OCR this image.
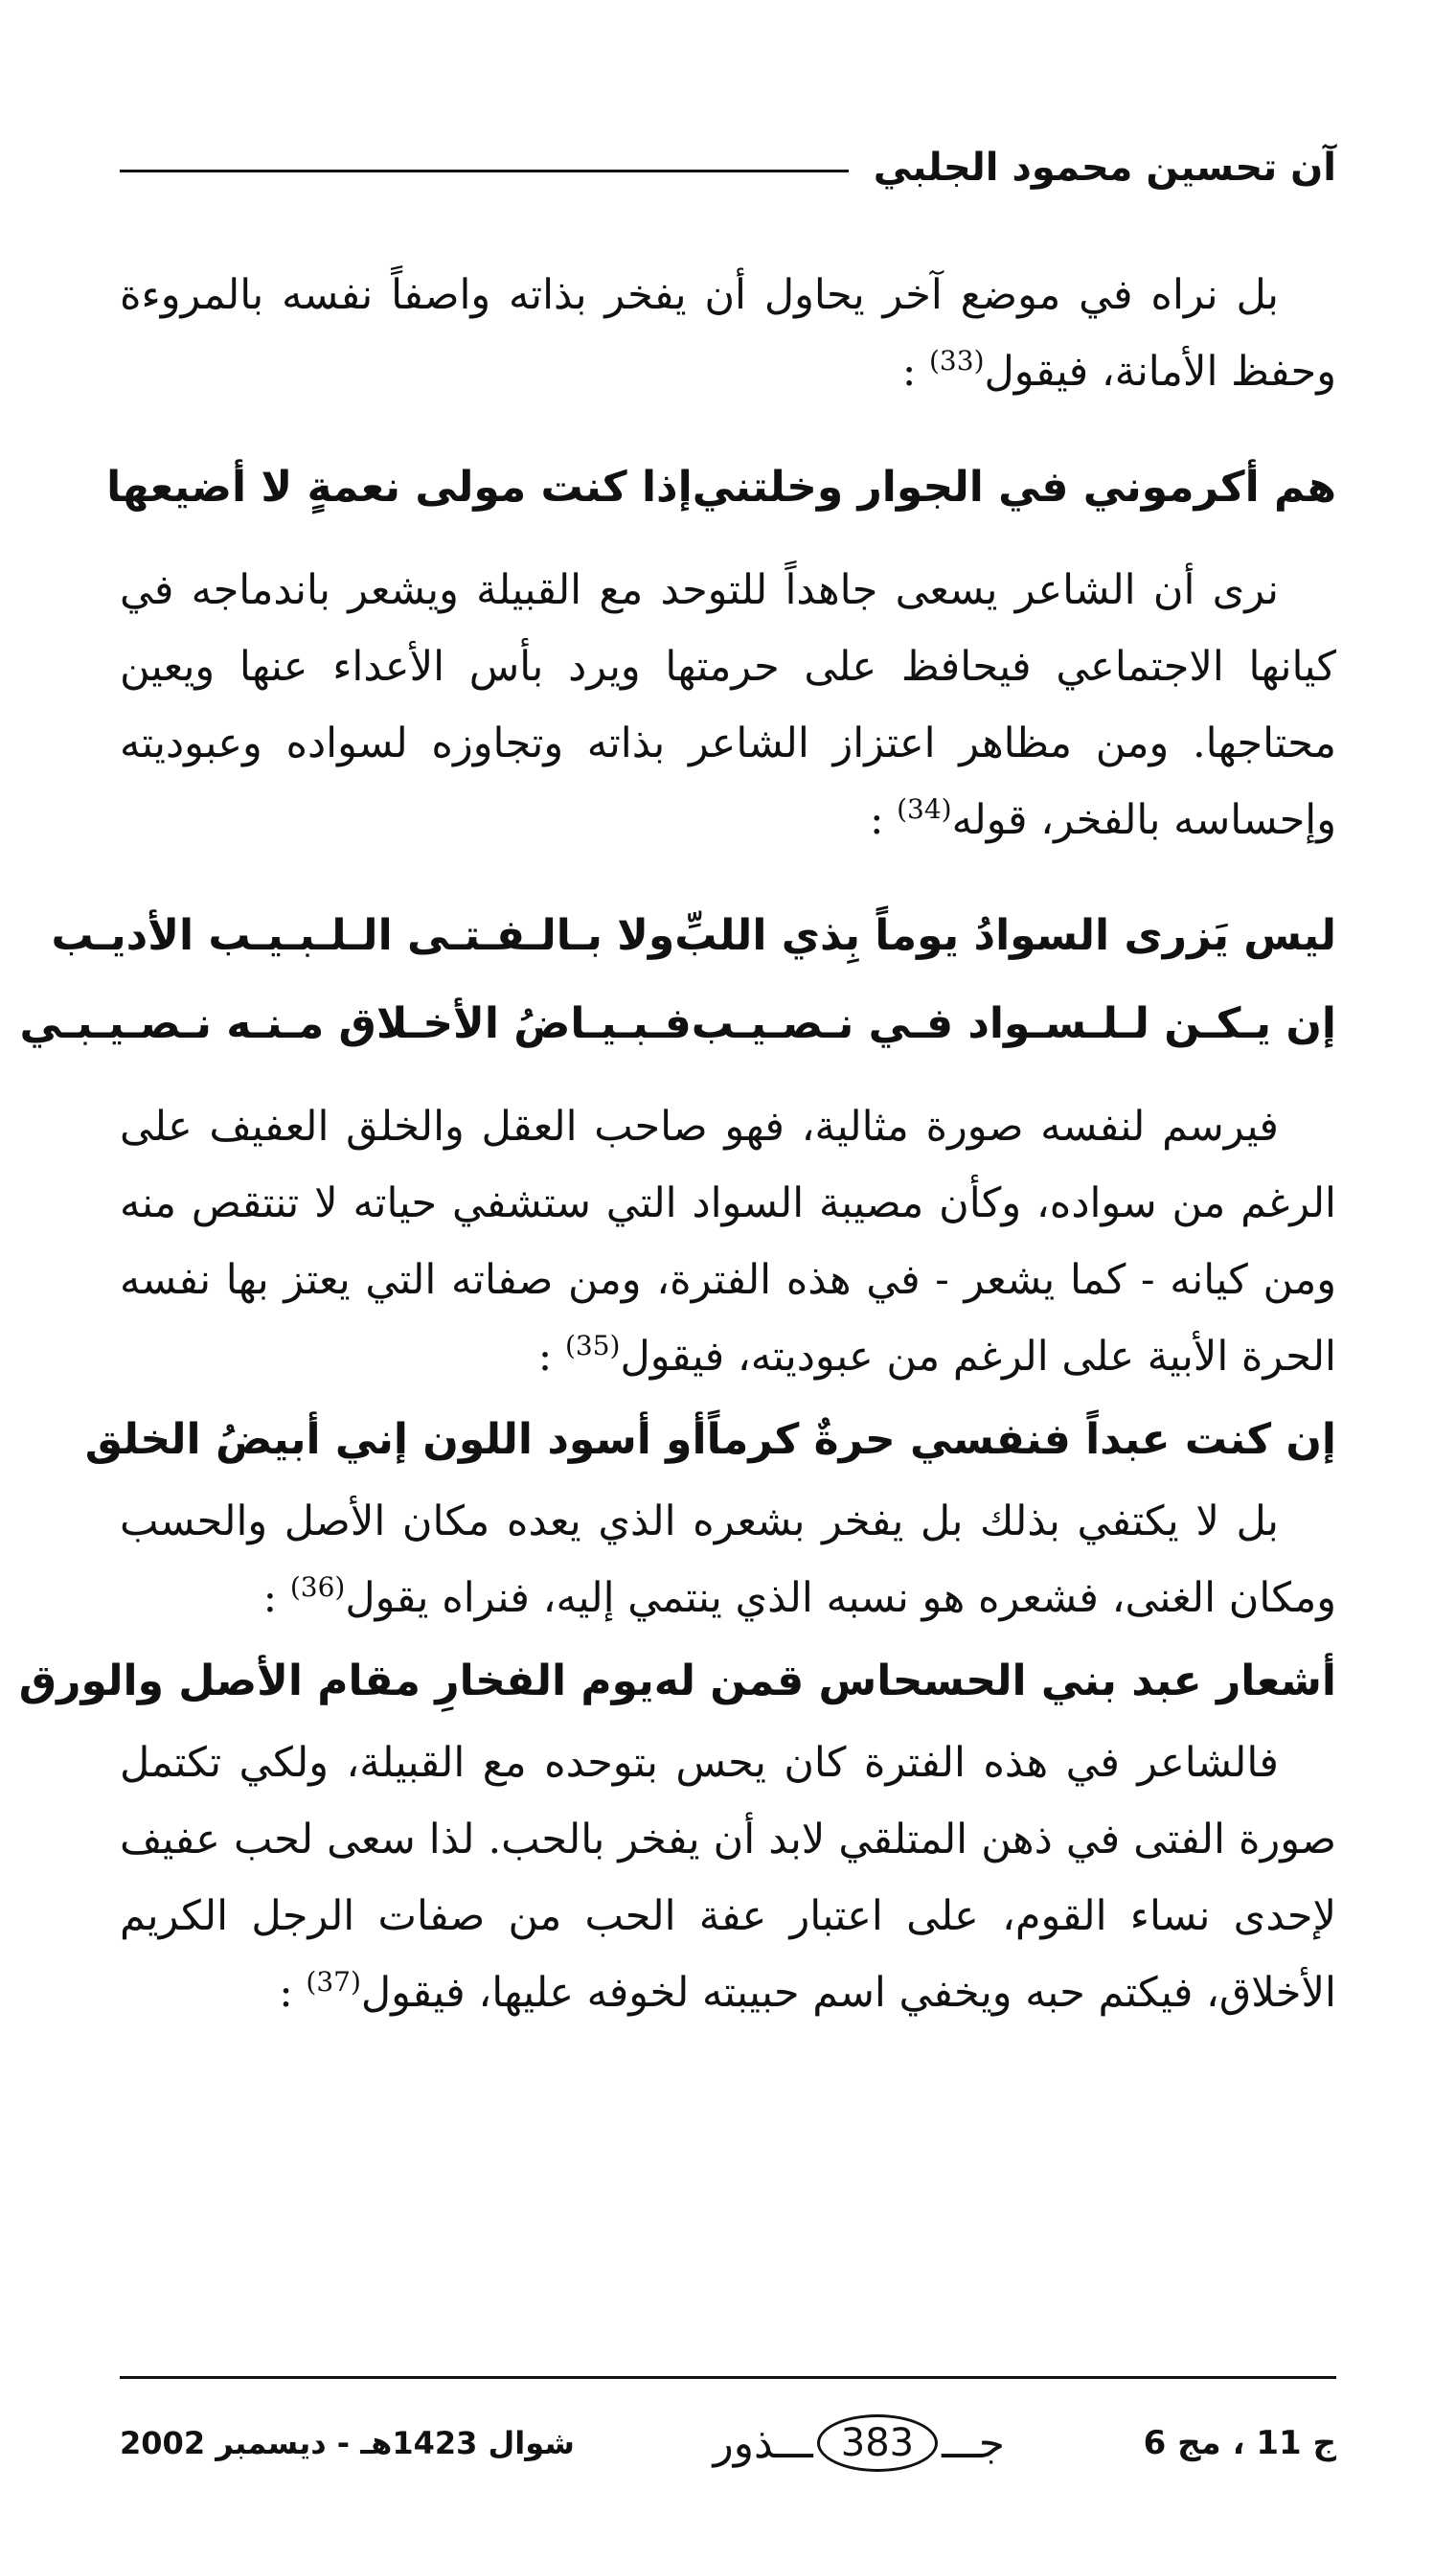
آن تحسين محمود الجلبي

بل نراه في موضع آخر يحاول أن يفخر بذاته واصفاً نفسه بالمروءة وحفظ الأمانة، فيقول$^{(33)}$ :

هم أكرموني في الجوار وخلتني
إذا كنت مولى نعمةٍ لا أضيعها

نرى أن الشاعر يسعى جاهداً للتوحد مع القبيلة ويشعر باندماجه في كيانها الاجتماعي فيحافظ على حرمتها ويرد بأس الأعداء عنها ويعين محتاجها. ومن مظاهر اعتزاز الشاعر بذاته وتجاوزه لسواده وعبوديته وإحساسه بالفخر، قوله$^{(34)}$ :

ليس يَزرى السوادُ يوماً بِذي اللبِّ
ولا بـالـفـتـى الـلـبـيـب الأديـب
إن يـكـن لـلـسـواد فـي نـصـيـب
فـبـيـاضُ الأخـلاق مـنـه نـصـيـبـي

فيرسم لنفسه صورة مثالية، فهو صاحب العقل والخلق العفيف على الرغم من سواده، وكأن مصيبة السواد التي ستشفي حياته لا تنتقص منه ومن كيانه - كما يشعر - في هذه الفترة، ومن صفاته التي يعتز بها نفسه الحرة الأبية على الرغم من عبوديته، فيقول$^{(35)}$ :

إن كنت عبداً فنفسي حرةٌ كرماً
أو أسود اللون إني أبيضُ الخلق

بل لا يكتفي بذلك بل يفخر بشعره الذي يعده مكان الأصل والحسب ومكان الغنى، فشعره هو نسبه الذي ينتمي إليه، فنراه يقول$^{(36)}$ :

أشعار عبد بني الحسحاس قمن له
يوم الفخارِ مقام الأصل والورق

فالشاعر في هذه الفترة كان يحس بتوحده مع القبيلة، ولكي تكتمل صورة الفتى في ذهن المتلقي لابد أن يفخر بالحب. لذا سعى لحب عفيف لإحدى نساء القوم، على اعتبار عفة الحب من صفات الرجل الكريم الأخلاق، فيكتم حبه ويخفي اسم حبيبته لخوفه عليها، فيقول$^{(37)}$ :

ج 11 ، مج 6
جـــ
383
ـــذور
شوال 1423هـ - ديسمبر 2002
